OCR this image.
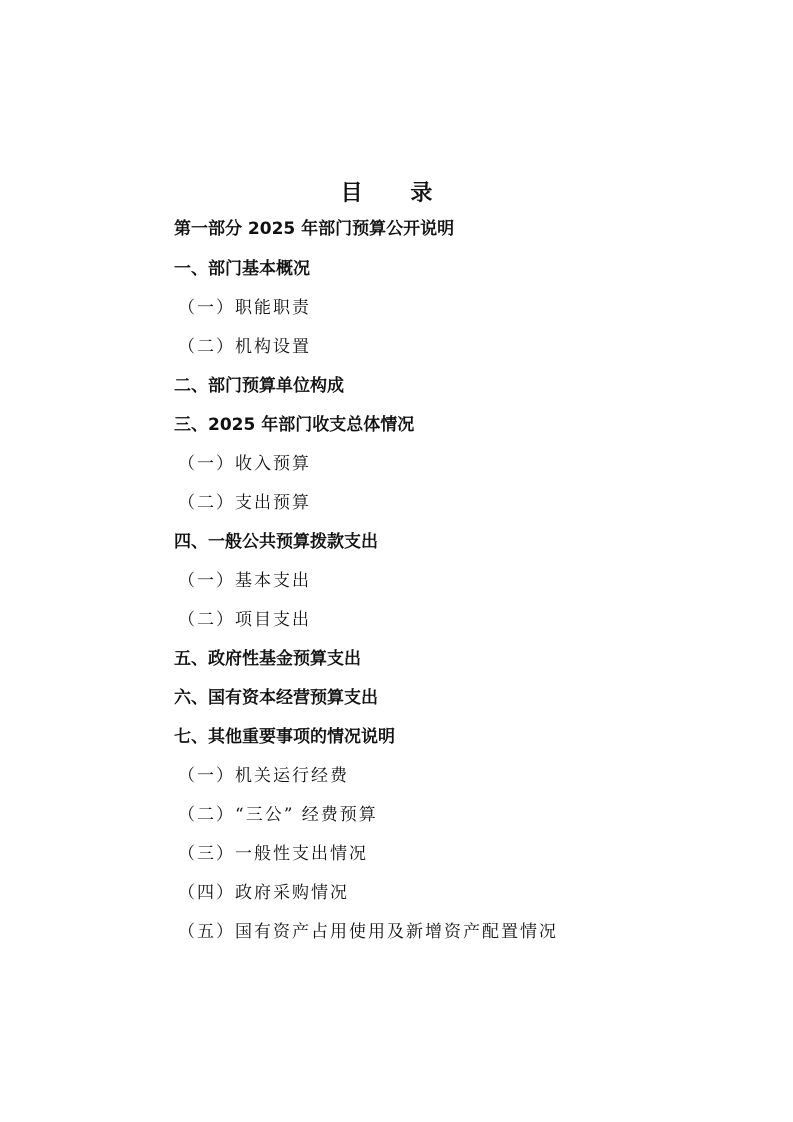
目 录
第一部分 2025 年部门预算公开说明
一、部门基本概况
（一）职能职责
（二）机构设置
二、部门预算单位构成
三、2025 年部门收支总体情况
（一）收入预算
（二）支出预算
四、一般公共预算拨款支出
（一）基本支出
（二）项目支出
五、政府性基金预算支出
六、国有资本经营预算支出
七、其他重要事项的情况说明
（一）机关运行经费
（二）“三公” 经费预算
（三）一般性支出情况
（四）政府采购情况
（五）国有资产占用使用及新增资产配置情况
